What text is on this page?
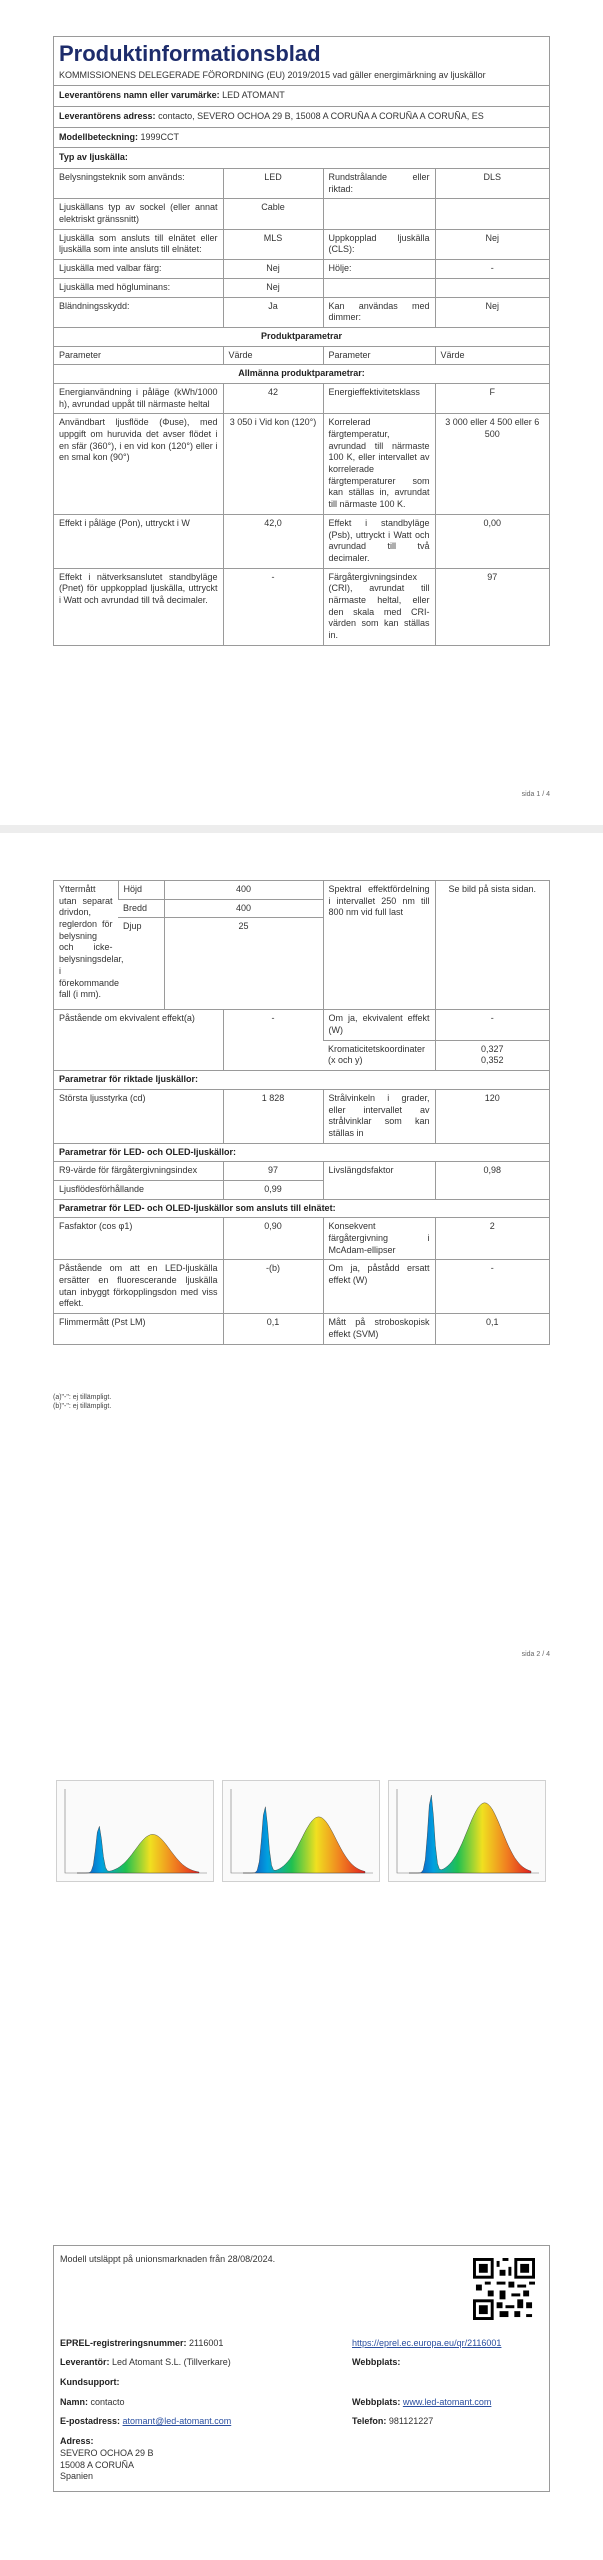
Produktinformationsblad
KOMMISSIONENS DELEGERADE FÖRORDNING (EU) 2019/2015 vad gäller energimärkning av ljuskällor
Leverantörens namn eller varumärke: LED ATOMANT
Leverantörens adress: contacto, SEVERO OCHOA 29 B, 15008 A CORUÑA A CORUÑA A CORUÑA, ES
Modellbeteckning: 1999CCT
Typ av ljuskälla:
Belysningsteknik som används:	LED	Rundstrålande eller riktad:	DLS
Ljuskällans typ av sockel (eller annat elektriskt gränssnitt)	Cable		
Ljuskälla som ansluts till elnätet eller ljuskälla som inte ansluts till elnätet:	MLS	Uppkopplad ljuskälla (CLS):	Nej
Ljuskälla med valbar färg:	Nej	Hölje:	-
Ljuskälla med högluminans:	Nej		
Bländningsskydd:	Ja	Kan användas med dimmer:	Nej
Produktparametrar			
Parameter	Värde	Parameter	Värde
Allmänna produktparametrar:			
Energianvändning i påläge (kWh/1000 h), avrundad uppåt till närmaste heltal	42	Energieffektivitetsklass	F
Användbart ljusflöde (Φuse), med uppgift om huruvida det avser flödet i en sfär (360°), i en vid kon (120°) eller i en smal kon (90°)	3 050 i Vid kon (120°)	Korrelerad färgtemperatur, avrundad till närmaste 100 K, eller intervallet av korrelerade färgtemperaturer som kan ställas in, avrundat till närmaste 100 K.	3 000 eller 4 500 eller 6 500
Effekt i påläge (Pon), uttryckt i W	42,0	Effekt i standbyläge (Psb), uttryckt i Watt och avrundad till två decimaler.	0,00
Effekt i nätverksanslutet standbyläge (Pnet) för uppkopplad ljuskälla, uttryckt i Watt och avrundad till två decimaler.	-	Färgåtergivningsindex (CRI), avrundat till närmaste heltal, eller den skala med CRI-värden som kan ställas in.	97
sida 1 / 4
Yttermått utan separat drivdon, reglerdon för belysning och icke-belysningsdelar, i förekommande fall (i mm).	Höjd	400		Spektral effektfördelning i intervallet 250 nm till 800 nm vid full last	Se bild på sista sidan.
	Bredd	400			
	Djup	25			
Påstående om ekvivalent effekt(a)			-	Om ja, ekvivalent effekt (W)	-
				Kromaticitetskoordinater (x och y)	0,327
0,352

Parametrar för riktade ljuskällor:					
Största ljusstyrka (cd)			1 828	Strålvinkeln i grader, eller intervallet av strålvinklar som kan ställas in	120
Parametrar för LED- och OLED-ljuskällor:					
R9-värde för färgåtergivningsindex			97	Livslängdsfaktor	0,98
Ljusflödesförhållande			0,99		
Parametrar för LED- och OLED-ljuskällor som ansluts till elnätet:					
Fasfaktor (cos φ1)			0,90	Konsekvent färgåtergivning i McAdam-ellipser	2
Påstående om att en LED-ljuskälla ersätter en fluorescerande ljuskälla utan inbyggt förkopplingsdon med viss effekt.			-(b)	Om ja, påstådd ersatt effekt (W)	-
Flimmermått (Pst LM)			0,1	Mått på stroboskopisk effekt (SVM)	0,1
(a)"-": ej tillämpligt.
(b)"-": ej tillämpligt.
sida 2 / 4
Modell utsläppt på unionsmarknaden från 28/08/2024.
EPREL-registreringsnummer: 2116001	https://eprel.ec.europa.eu/qr/2116001
Leverantör: Led Atomant S.L. (Tillverkare)	Webbplats:
Kundsupport:
Namn: contacto	Webbplats: www.led-atomant.com
E-postadress: atomant@led-atomant.com	Telefon: 981121227
Adress:
SEVERO OCHOA 29 B
15008 A CORUÑA
Spanien
